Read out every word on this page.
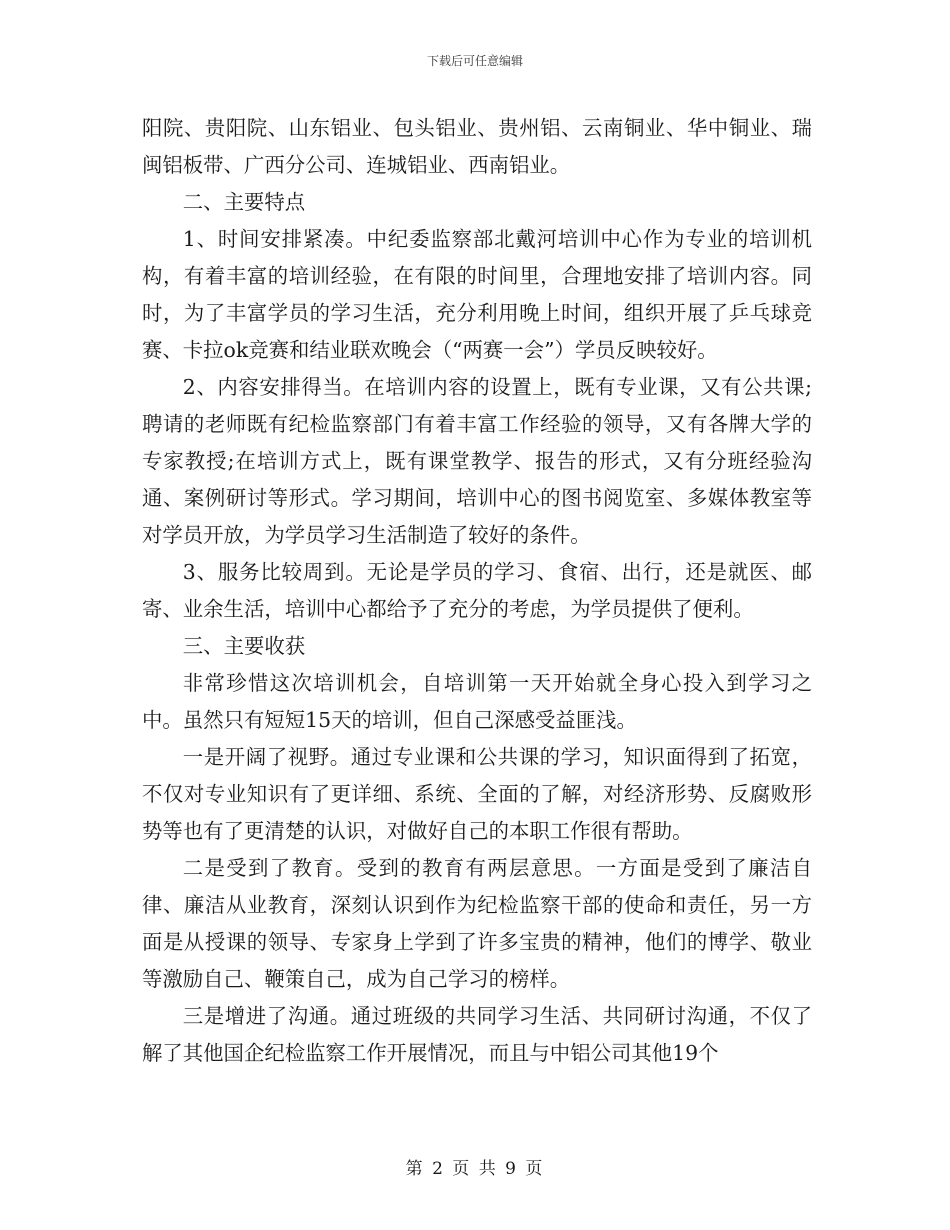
下载后可任意编辑

阳院、贵阳院、山东铝业、包头铝业、贵州铝、云南铜业、华中铜业、瑞闽铝板带、广西分公司、连城铝业、西南铝业。

二、主要特点

1、时间安排紧凑。中纪委监察部北戴河培训中心作为专业的培训机构，有着丰富的培训经验，在有限的时间里，合理地安排了培训内容。同时，为了丰富学员的学习生活，充分利用晚上时间，组织开展了乒乓球竞赛、卡拉ok竞赛和结业联欢晚会（“两赛一会”）学员反映较好。

2、内容安排得当。在培训内容的设置上，既有专业课，又有公共课;聘请的老师既有纪检监察部门有着丰富工作经验的领导，又有各牌大学的专家教授;在培训方式上，既有课堂教学、报告的形式，又有分班经验沟通、案例研讨等形式。学习期间，培训中心的图书阅览室、多媒体教室等对学员开放，为学员学习生活制造了较好的条件。

3、服务比较周到。无论是学员的学习、食宿、出行，还是就医、邮寄、业余生活，培训中心都给予了充分的考虑，为学员提供了便利。

三、主要收获

非常珍惜这次培训机会，自培训第一天开始就全身心投入到学习之中。虽然只有短短15天的培训，但自己深感受益匪浅。

一是开阔了视野。通过专业课和公共课的学习，知识面得到了拓宽，不仅对专业知识有了更详细、系统、全面的了解，对经济形势、反腐败形势等也有了更清楚的认识，对做好自己的本职工作很有帮助。

二是受到了教育。受到的教育有两层意思。一方面是受到了廉洁自律、廉洁从业教育，深刻认识到作为纪检监察干部的使命和责任，另一方面是从授课的领导、专家身上学到了许多宝贵的精神，他们的博学、敬业等激励自己、鞭策自己，成为自己学习的榜样。

三是增进了沟通。通过班级的共同学习生活、共同研讨沟通，不仅了解了其他国企纪检监察工作开展情况，而且与中铝公司其他19个

第 2 页 共 9 页
